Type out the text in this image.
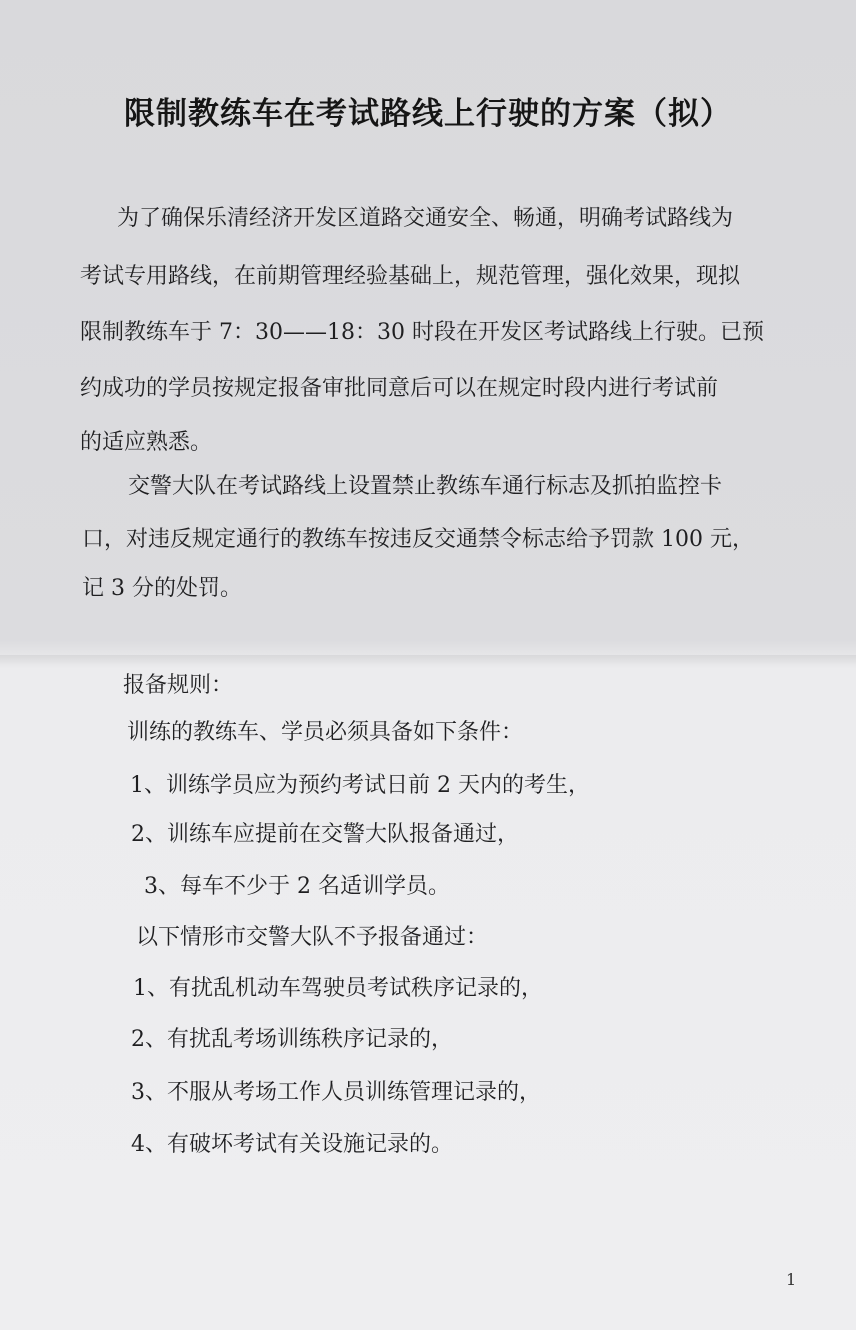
限制教练车在考试路线上行驶的方案（拟）
为了确保乐清经济开发区道路交通安全、畅通，明确考试路线为
考试专用路线，在前期管理经验基础上，规范管理，强化效果，现拟
限制教练车于 7：30——18：30 时段在开发区考试路线上行驶。已预
约成功的学员按规定报备审批同意后可以在规定时段内进行考试前
的适应熟悉。
交警大队在考试路线上设置禁止教练车通行标志及抓拍监控卡
口，对违反规定通行的教练车按违反交通禁令标志给予罚款 100 元，
记 3 分的处罚。
报备规则：
训练的教练车、学员必须具备如下条件：
1、训练学员应为预约考试日前 2 天内的考生，
2、训练车应提前在交警大队报备通过，
3、每车不少于 2 名适训学员。
以下情形市交警大队不予报备通过：
1、有扰乱机动车驾驶员考试秩序记录的，
2、有扰乱考场训练秩序记录的，
3、不服从考场工作人员训练管理记录的，
4、有破坏考试有关设施记录的。
1
